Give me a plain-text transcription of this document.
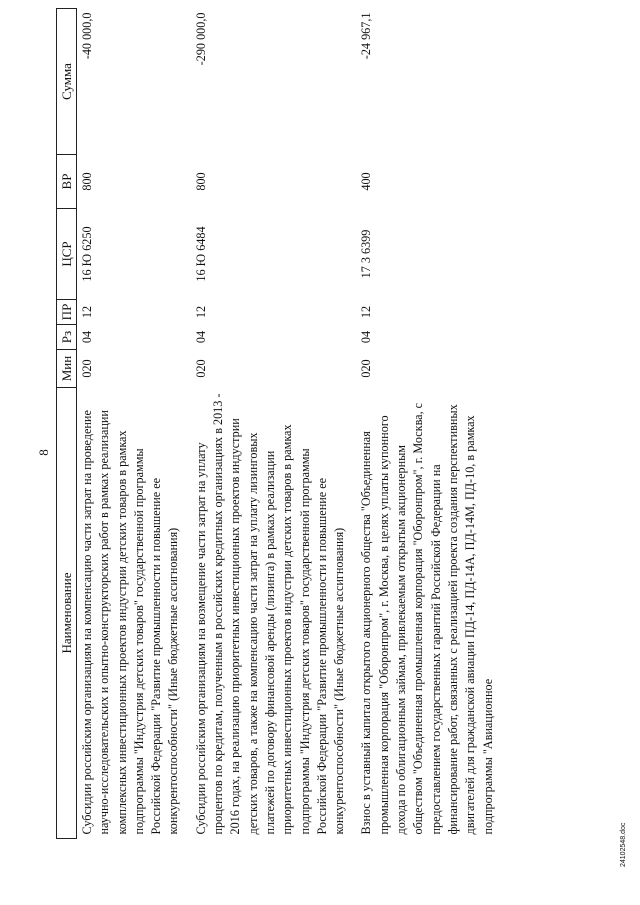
8
Наименование	Мин	Рз	ПР	ЦСР	ВР	Сумма
Субсидии российским организациям на компенсацию части затрат на проведение научно-исследовательских и опытно-конструкторских работ в рамках реализации комплексных инвестиционных проектов индустрии детских товаров в рамках подпрограммы "Индустрия детских товаров" государственной программы Российской Федерации "Развитие промышленности и повышение ее конкурентоспособности" (Иные бюджетные ассигнования)	020	04	12	16 Ю 6250	800	-40 000,0
Субсидии российским организациям на возмещение части затрат на уплату процентов по кредитам, полученным в российских кредитных организациях в 2013 - 2016 годах, на реализацию приоритетных инвестиционных проектов индустрии детских товаров, а также на компенсацию части затрат на уплату лизинговых платежей по договору финансовой аренды (лизинга) в рамках реализации приоритетных инвестиционных проектов индустрии детских товаров в рамках подпрограммы "Индустрия детских товаров" государственной программы Российской Федерации "Развитие промышленности и повышение ее конкурентоспособности" (Иные бюджетные ассигнования)	020	04	12	16 Ю 6484	800	-290 000,0
Взнос в уставный капитал открытого акционерного общества "Объединенная промышленная корпорация "Оборонпром", г. Москва, в целях уплаты купонного дохода по облигационным займам, привлекаемым открытым акционерным обществом "Объединенная промышленная корпорация "Оборонпром", г. Москва, с предоставлением государственных гарантий Российской Федерации на финансирование работ, связанных с реализацией проекта создания перспективных двигателей для гражданской авиации ПД-14, ПД-14А, ПД-14М, ПД-10, в рамках подпрограммы "Авиационное	020	04	12	17 3 6399	400	-24 967,1
24102548.doc
